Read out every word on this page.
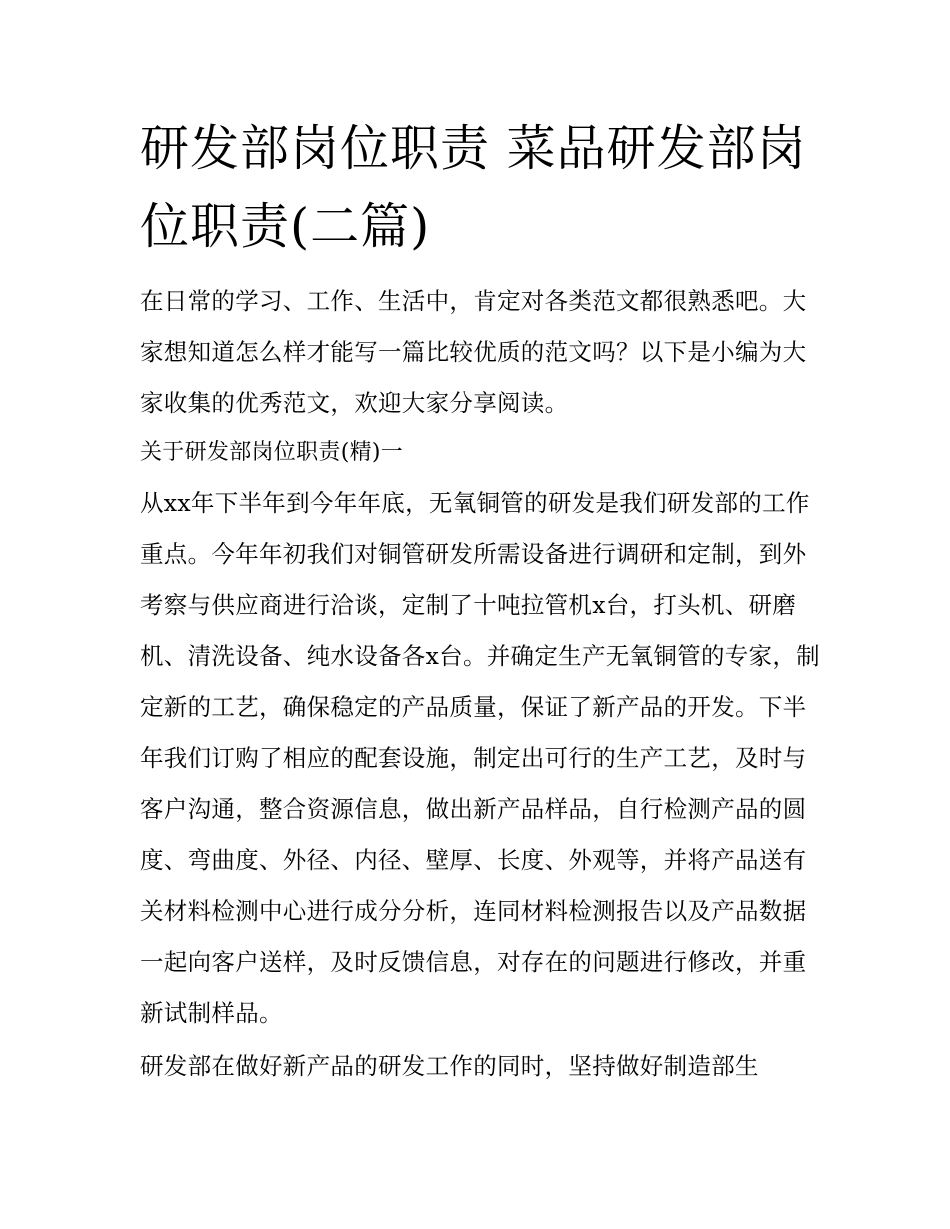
研发部岗位职责 菜品研发部岗位职责(二篇)

在日常的学习、工作、生活中，肯定对各类范文都很熟悉吧。大家想知道怎么样才能写一篇比较优质的范文吗？以下是小编为大家收集的优秀范文，欢迎大家分享阅读。

关于研发部岗位职责(精)一

从xx年下半年到今年年底，无氧铜管的研发是我们研发部的工作重点。今年年初我们对铜管研发所需设备进行调研和定制，到外考察与供应商进行洽谈，定制了十吨拉管机x台，打头机、研磨机、清洗设备、纯水设备各x台。并确定生产无氧铜管的专家，制定新的工艺，确保稳定的产品质量，保证了新产品的开发。下半年我们订购了相应的配套设施，制定出可行的生产工艺，及时与客户沟通，整合资源信息，做出新产品样品，自行检测产品的圆度、弯曲度、外径、内径、壁厚、长度、外观等，并将产品送有关材料检测中心进行成分分析，连同材料检测报告以及产品数据一起向客户送样，及时反馈信息，对存在的问题进行修改，并重新试制样品。

研发部在做好新产品的研发工作的同时，坚持做好制造部生
